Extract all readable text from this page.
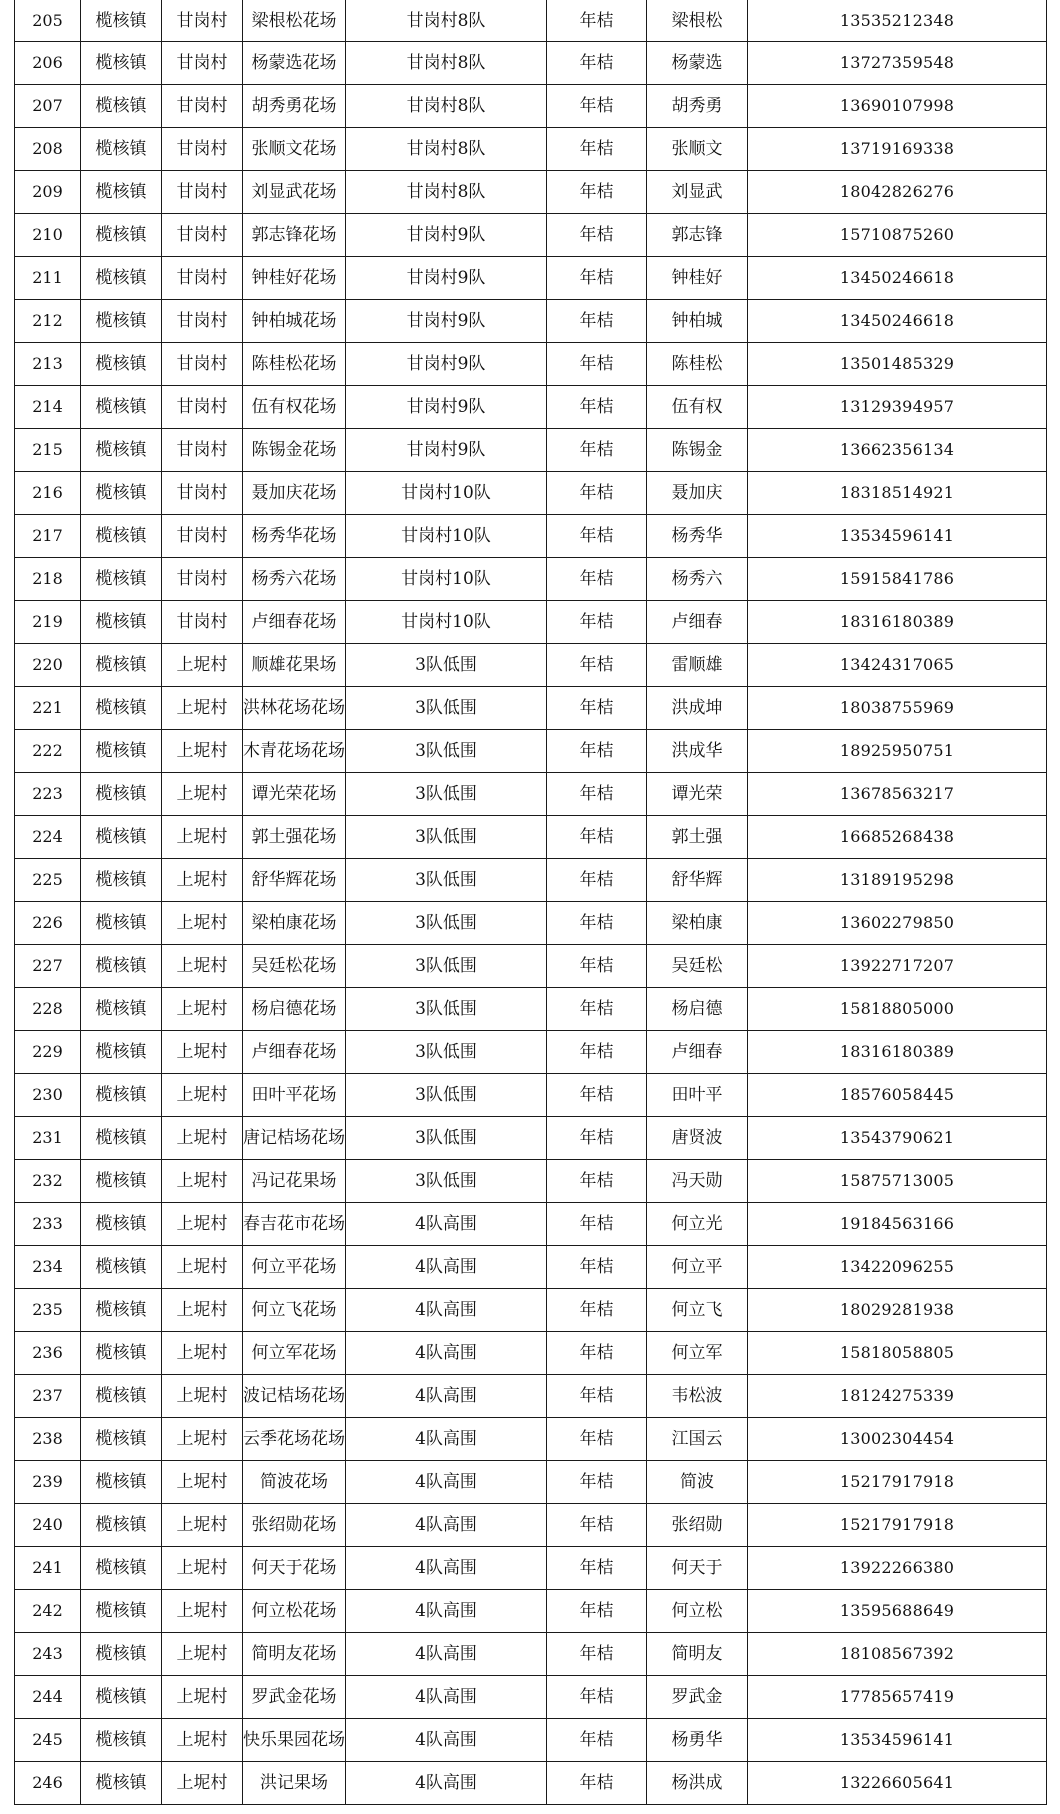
205	榄核镇	甘岗村	梁根松花场	甘岗村8队	年桔	梁根松	13535212348
206	榄核镇	甘岗村	杨蒙选花场	甘岗村8队	年桔	杨蒙选	13727359548
207	榄核镇	甘岗村	胡秀勇花场	甘岗村8队	年桔	胡秀勇	13690107998
208	榄核镇	甘岗村	张顺文花场	甘岗村8队	年桔	张顺文	13719169338
209	榄核镇	甘岗村	刘显武花场	甘岗村8队	年桔	刘显武	18042826276
210	榄核镇	甘岗村	郭志锋花场	甘岗村9队	年桔	郭志锋	15710875260
211	榄核镇	甘岗村	钟桂好花场	甘岗村9队	年桔	钟桂好	13450246618
212	榄核镇	甘岗村	钟柏城花场	甘岗村9队	年桔	钟柏城	13450246618
213	榄核镇	甘岗村	陈桂松花场	甘岗村9队	年桔	陈桂松	13501485329
214	榄核镇	甘岗村	伍有权花场	甘岗村9队	年桔	伍有权	13129394957
215	榄核镇	甘岗村	陈锡金花场	甘岗村9队	年桔	陈锡金	13662356134
216	榄核镇	甘岗村	聂加庆花场	甘岗村10队	年桔	聂加庆	18318514921
217	榄核镇	甘岗村	杨秀华花场	甘岗村10队	年桔	杨秀华	13534596141
218	榄核镇	甘岗村	杨秀六花场	甘岗村10队	年桔	杨秀六	15915841786
219	榄核镇	甘岗村	卢细春花场	甘岗村10队	年桔	卢细春	18316180389
220	榄核镇	上坭村	顺雄花果场	3队低围	年桔	雷顺雄	13424317065
221	榄核镇	上坭村	洪林花场花场	3队低围	年桔	洪成坤	18038755969
222	榄核镇	上坭村	木青花场花场	3队低围	年桔	洪成华	18925950751
223	榄核镇	上坭村	谭光荣花场	3队低围	年桔	谭光荣	13678563217
224	榄核镇	上坭村	郭土强花场	3队低围	年桔	郭土强	16685268438
225	榄核镇	上坭村	舒华辉花场	3队低围	年桔	舒华辉	13189195298
226	榄核镇	上坭村	梁柏康花场	3队低围	年桔	梁柏康	13602279850
227	榄核镇	上坭村	吴廷松花场	3队低围	年桔	吴廷松	13922717207
228	榄核镇	上坭村	杨启德花场	3队低围	年桔	杨启德	15818805000
229	榄核镇	上坭村	卢细春花场	3队低围	年桔	卢细春	18316180389
230	榄核镇	上坭村	田叶平花场	3队低围	年桔	田叶平	18576058445
231	榄核镇	上坭村	唐记桔场花场	3队低围	年桔	唐贤波	13543790621
232	榄核镇	上坭村	冯记花果场	3队低围	年桔	冯天勋	15875713005
233	榄核镇	上坭村	春吉花市花场	4队高围	年桔	何立光	19184563166
234	榄核镇	上坭村	何立平花场	4队高围	年桔	何立平	13422096255
235	榄核镇	上坭村	何立飞花场	4队高围	年桔	何立飞	18029281938
236	榄核镇	上坭村	何立军花场	4队高围	年桔	何立军	15818058805
237	榄核镇	上坭村	波记桔场花场	4队高围	年桔	韦松波	18124275339
238	榄核镇	上坭村	云季花场花场	4队高围	年桔	江国云	13002304454
239	榄核镇	上坭村	简波花场	4队高围	年桔	简波	15217917918
240	榄核镇	上坭村	张绍勋花场	4队高围	年桔	张绍勋	15217917918
241	榄核镇	上坭村	何天于花场	4队高围	年桔	何天于	13922266380
242	榄核镇	上坭村	何立松花场	4队高围	年桔	何立松	13595688649
243	榄核镇	上坭村	简明友花场	4队高围	年桔	简明友	18108567392
244	榄核镇	上坭村	罗武金花场	4队高围	年桔	罗武金	17785657419
245	榄核镇	上坭村	快乐果园花场	4队高围	年桔	杨勇华	13534596141
246	榄核镇	上坭村	洪记果场	4队高围	年桔	杨洪成	13226605641
